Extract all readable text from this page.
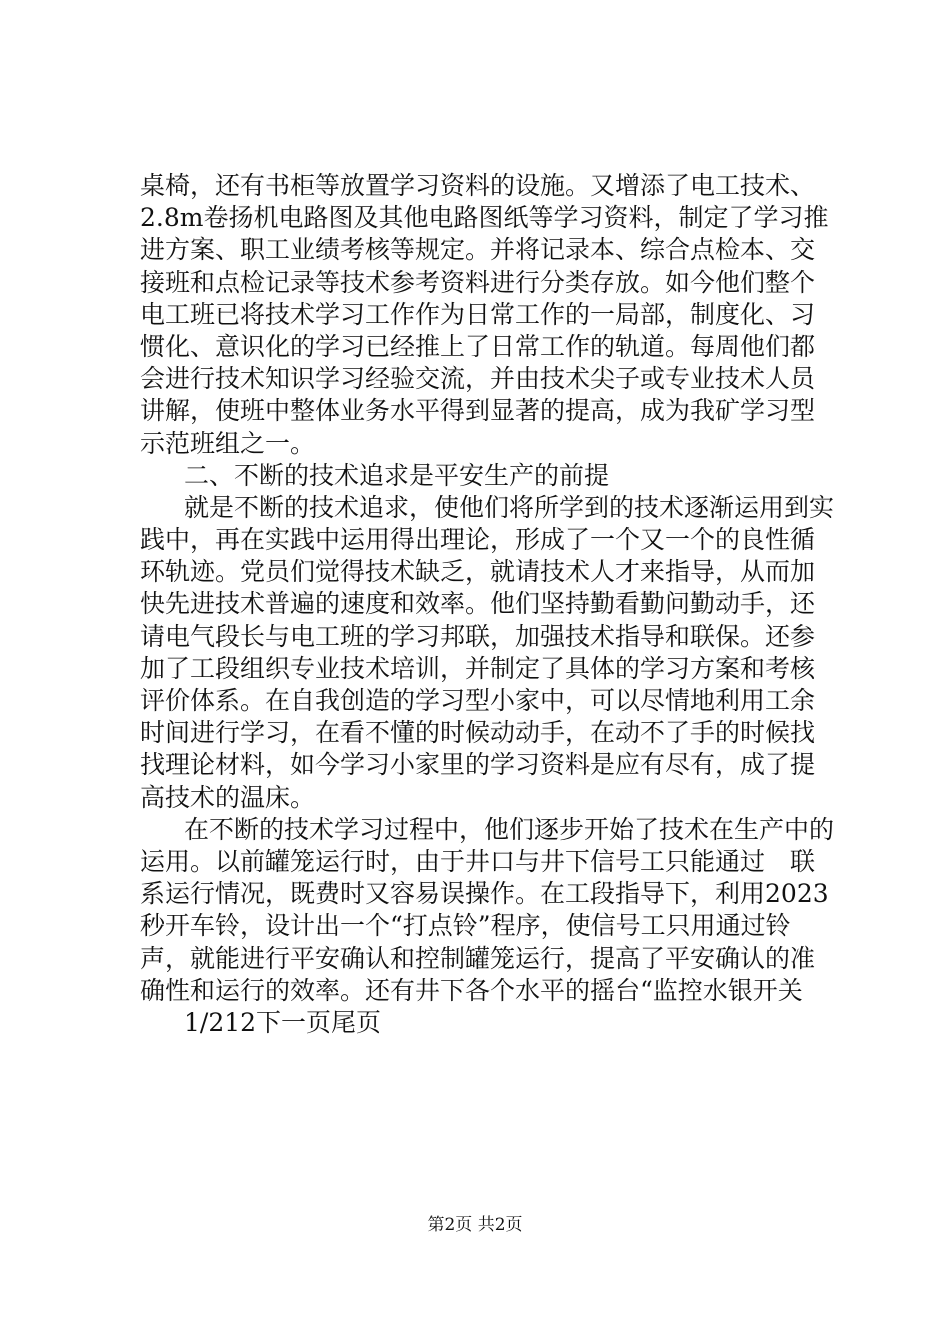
桌椅，还有书柜等放置学习资料的设施。又增添了电工技术、
2.8m卷扬机电路图及其他电路图纸等学习资料，制定了学习推
进方案、职工业绩考核等规定。并将记录本、综合点检本、交
接班和点检记录等技术参考资料进行分类存放。如今他们整个
电工班已将技术学习工作作为日常工作的一局部，制度化、习
惯化、意识化的学习已经推上了日常工作的轨道。每周他们都
会进行技术知识学习经验交流，并由技术尖子或专业技术人员
讲解，使班中整体业务水平得到显著的提高，成为我矿学习型
示范班组之一。
二、不断的技术追求是平安生产的前提
就是不断的技术追求，使他们将所学到的技术逐渐运用到实
践中，再在实践中运用得出理论，形成了一个又一个的良性循
环轨迹。党员们觉得技术缺乏，就请技术人才来指导，从而加
快先进技术普遍的速度和效率。他们坚持勤看勤问勤动手，还
请电气段长与电工班的学习邦联，加强技术指导和联保。还参
加了工段组织专业技术培训，并制定了具体的学习方案和考核
评价体系。在自我创造的学习型小家中，可以尽情地利用工余
时间进行学习，在看不懂的时候动动手，在动不了手的时候找
找理论材料，如今学习小家里的学习资料是应有尽有，成了提
高技术的温床。
在不断的技术学习过程中，他们逐步开始了技术在生产中的
运用。以前罐笼运行时，由于井口与井下信号工只能通过　联
系运行情况，既费时又容易误操作。在工段指导下，利用2023
秒开车铃，设计出一个“打点铃”程序，使信号工只用通过铃
声，就能进行平安确认和控制罐笼运行，提高了平安确认的准
确性和运行的效率。还有井下各个水平的摇台“监控水银开关
1/212下一页尾页
第2页 共2页
